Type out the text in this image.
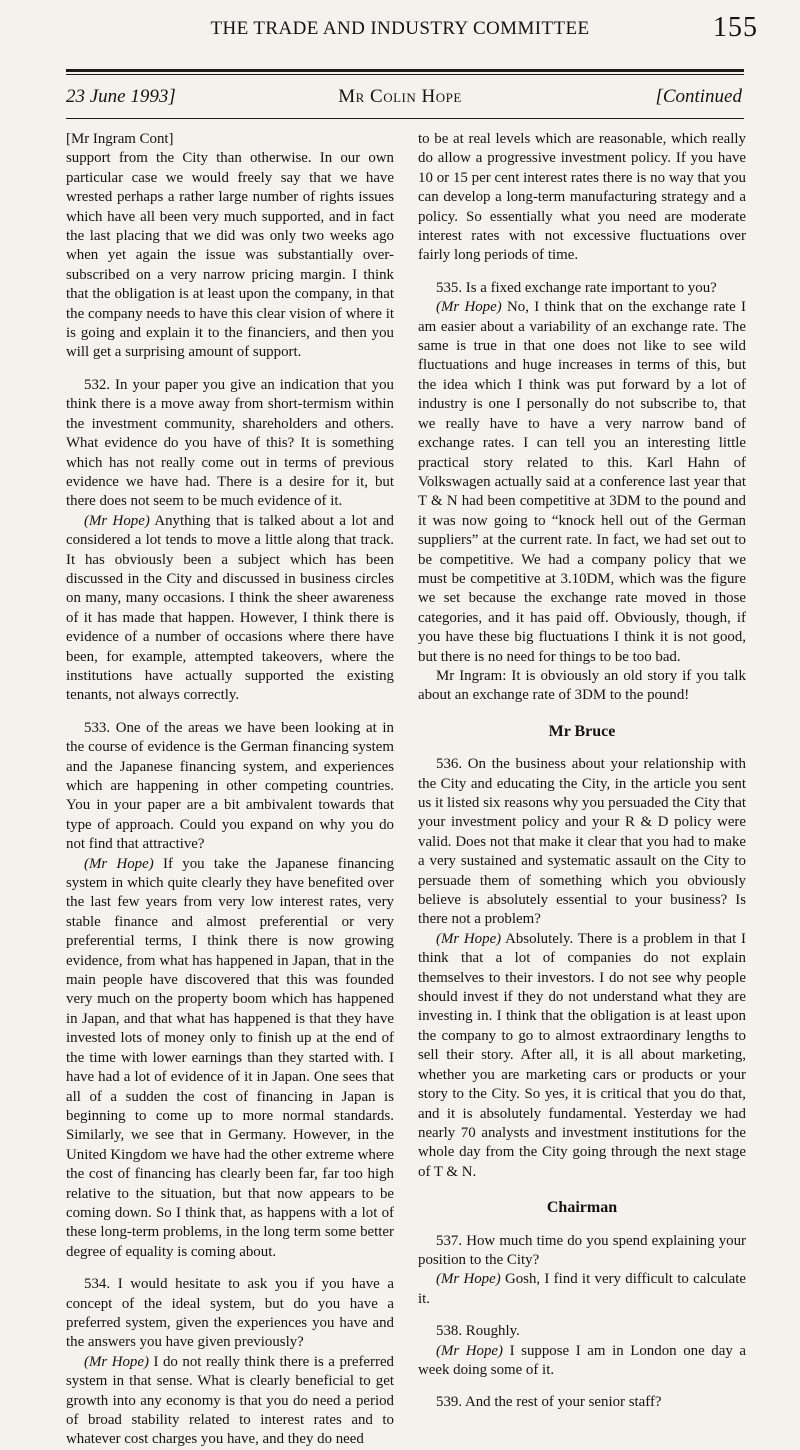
THE TRADE AND INDUSTRY COMMITTEE	155
23 June 1993]	Mr Colin Hope	[Continued

[Mr Ingram Cont]

support from the City than otherwise. In our own particular case we would freely say that we have wrested perhaps a rather large number of rights issues which have all been very much supported, and in fact the last placing that we did was only two weeks ago when yet again the issue was substantially over-subscribed on a very narrow pricing margin. I think that the obligation is at least upon the company, in that the company needs to have this clear vision of where it is going and explain it to the financiers, and then you will get a surprising amount of support.

532. In your paper you give an indication that you think there is a move away from short-termism within the investment community, shareholders and others. What evidence do you have of this? It is something which has not really come out in terms of previous evidence we have had. There is a desire for it, but there does not seem to be much evidence of it.

(Mr Hope) Anything that is talked about a lot and considered a lot tends to move a little along that track. It has obviously been a subject which has been discussed in the City and discussed in business circles on many, many occasions. I think the sheer awareness of it has made that happen. However, I think there is evidence of a number of occasions where there have been, for example, attempted takeovers, where the institutions have actually supported the existing tenants, not always correctly.

533. One of the areas we have been looking at in the course of evidence is the German financing system and the Japanese financing system, and experiences which are happening in other competing countries. You in your paper are a bit ambivalent towards that type of approach. Could you expand on why you do not find that attractive?

(Mr Hope) If you take the Japanese financing system in which quite clearly they have benefited over the last few years from very low interest rates, very stable finance and almost preferential or very preferential terms, I think there is now growing evidence, from what has happened in Japan, that in the main people have discovered that this was founded very much on the property boom which has happened in Japan, and that what has happened is that they have invested lots of money only to finish up at the end of the time with lower earnings than they started with. I have had a lot of evidence of it in Japan. One sees that all of a sudden the cost of financing in Japan is beginning to come up to more normal standards. Similarly, we see that in Germany. However, in the United Kingdom we have had the other extreme where the cost of financing has clearly been far, far too high relative to the situation, but that now appears to be coming down. So I think that, as happens with a lot of these long-term problems, in the long term some better degree of equality is coming about.

534. I would hesitate to ask you if you have a concept of the ideal system, but do you have a preferred system, given the experiences you have and the answers you have given previously?

(Mr Hope) I do not really think there is a preferred system in that sense. What is clearly beneficial to get growth into any economy is that you do need a period of broad stability related to interest rates and to whatever cost charges you have, and they do need

to be at real levels which are reasonable, which really do allow a progressive investment policy. If you have 10 or 15 per cent interest rates there is no way that you can develop a long-term manufacturing strategy and a policy. So essentially what you need are moderate interest rates with not excessive fluctuations over fairly long periods of time.

535. Is a fixed exchange rate important to you?

(Mr Hope) No, I think that on the exchange rate I am easier about a variability of an exchange rate. The same is true in that one does not like to see wild fluctuations and huge increases in terms of this, but the idea which I think was put forward by a lot of industry is one I personally do not subscribe to, that we really have to have a very narrow band of exchange rates. I can tell you an interesting little practical story related to this. Karl Hahn of Volkswagen actually said at a conference last year that T & N had been competitive at 3DM to the pound and it was now going to “knock hell out of the German suppliers” at the current rate. In fact, we had set out to be competitive. We had a company policy that we must be competitive at 3.10DM, which was the figure we set because the exchange rate moved in those categories, and it has paid off. Obviously, though, if you have these big fluctuations I think it is not good, but there is no need for things to be too bad.

Mr Ingram: It is obviously an old story if you talk about an exchange rate of 3DM to the pound!

Mr Bruce

536. On the business about your relationship with the City and educating the City, in the article you sent us it listed six reasons why you persuaded the City that your investment policy and your R & D policy were valid. Does not that make it clear that you had to make a very sustained and systematic assault on the City to persuade them of something which you obviously believe is absolutely essential to your business? Is there not a problem?

(Mr Hope) Absolutely. There is a problem in that I think that a lot of companies do not explain themselves to their investors. I do not see why people should invest if they do not understand what they are investing in. I think that the obligation is at least upon the company to go to almost extraordinary lengths to sell their story. After all, it is all about marketing, whether you are marketing cars or products or your story to the City. So yes, it is critical that you do that, and it is absolutely fundamental. Yesterday we had nearly 70 analysts and investment institutions for the whole day from the City going through the next stage of T & N.

Chairman

537. How much time do you spend explaining your position to the City?

(Mr Hope) Gosh, I find it very difficult to calculate it.

538. Roughly.

(Mr Hope) I suppose I am in London one day a week doing some of it.

539. And the rest of your senior staff?
